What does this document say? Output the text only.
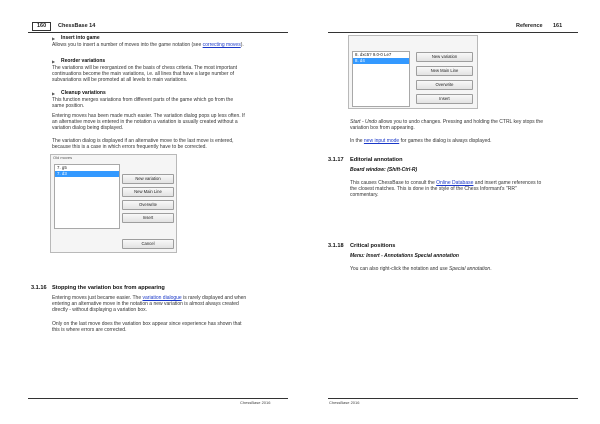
160	ChessBase 14
▶ Insert into game
Allows you to insert a number of moves into the game notation (see correcting moves).
▶ Reorder variations
The variations will be reorganized on the basis of chess criteria. The most important
continuations become the main variations, i.e. all lines that have a large number of
subvariations will be promoted at all levels to main variations.
▶ Cleanup variations
This function merges variations from different parts of the game which go from the
same position.
Entering moves has been made much easier. The variation dialog pops up less often. If
an alternative move is entered in the notation a variation is usually created without a
variation dialog being displayed.
The variation dialog is displayed if an alternative move to the last move is entered,
because this is a case in which errors frequently have to be corrected.
Old moves
7. g5
7. d3
New variation
New Main Line
Overwrite
Insert
Cancel
3.1.16 Stopping the variation box from appearing
Entering moves just became easier. The variation dialogue is rarely displayed and when
entering an alternative move in the notation a new variation is almost always created
directly - without displaying a variation box.
Only on the last move does the variation box appear since experience has shown that
this is where errors are corrected.
ChessBase 2016
Reference 161
8. dxc5? 9.0-0 Le7
8. d4
New variation
New Main Line
Overwrite
Insert
Start - Undo allows you to undo changes. Pressing and holding the CTRL key stops the
variation box from appearing.
In the new input mode for games the dialog is always displayed.
3.1.17 Editorial annotation
Board window: (Shift-Ctrl-R)
This causes ChessBase to consult the Online Database and insert game references to
the closest matches. This is done in the style of the Chess Informant's "RR"
commentary.
3.1.18 Critical positions
Menu: Insert - Annotations Special annotation
You can also right-click the notation and use Special annotation.
ChessBase 2016
